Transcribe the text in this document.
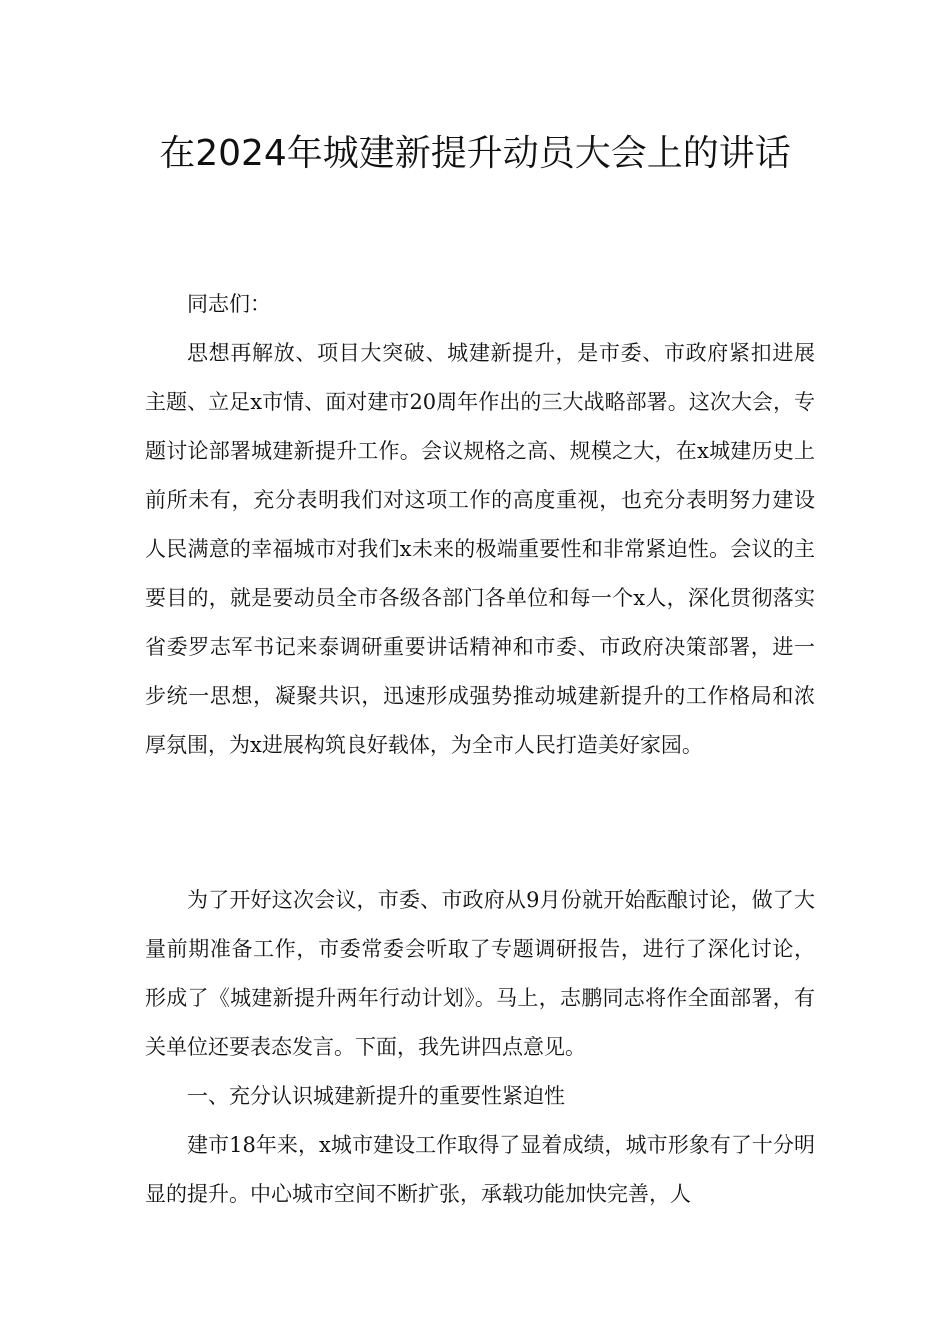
在2024年城建新提升动员大会上的讲话

同志们：

思想再解放、项目大突破、城建新提升，是市委、市政府紧扣进展主题、立足x市情、面对建市20周年作出的三大战略部署。这次大会，专题讨论部署城建新提升工作。会议规格之高、规模之大，在x城建历史上前所未有，充分表明我们对这项工作的高度重视，也充分表明努力建设人民满意的幸福城市对我们x未来的极端重要性和非常紧迫性。会议的主要目的，就是要动员全市各级各部门各单位和每一个x人，深化贯彻落实省委罗志军书记来泰调研重要讲话精神和市委、市政府决策部署，进一步统一思想，凝聚共识，迅速形成强势推动城建新提升的工作格局和浓厚氛围，为x进展构筑良好载体，为全市人民打造美好家园。

为了开好这次会议，市委、市政府从9月份就开始酝酿讨论，做了大量前期准备工作，市委常委会听取了专题调研报告，进行了深化讨论，形成了《城建新提升两年行动计划》。马上，志鹏同志将作全面部署，有关单位还要表态发言。下面，我先讲四点意见。

一、充分认识城建新提升的重要性紧迫性

建市18年来，x城市建设工作取得了显着成绩，城市形象有了十分明显的提升。中心城市空间不断扩张，承载功能加快完善，人
